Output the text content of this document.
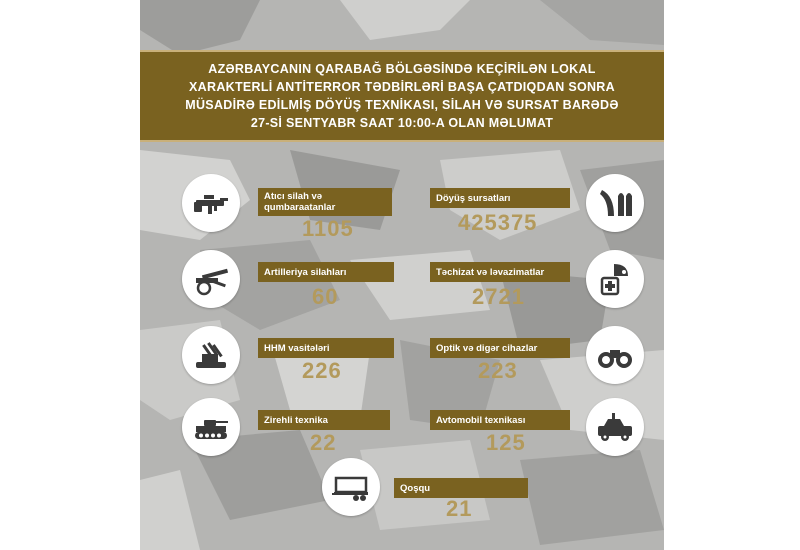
AZƏRBAYCANIN QARABAĞ BÖLGƏSİNDƏ KEÇİRİLƏN LOKAL XARAKTERLİ ANTİTERROR TƏDBİRLƏRİ BAŞA ÇATDIQDAN SONRA MÜSADİRƏ EDİLMİŞ DÖYÜŞ TEXNİKASI, SİLAH VƏ SURSAT BARƏDƏ 27-Sİ SENTYABR SAAT 10:00-A OLAN MƏLUMAT
Atıcı silah və qumbaraatanlar
1105
Döyüş sursatları
425375
Artilleriya silahları
60
Təchizat və ləvazimatlar
2721
HHM vasitələri
226
Optik və digər cihazlar
223
Zirehli texnika
22
Avtomobil texnikası
125
Qoşqu
21
